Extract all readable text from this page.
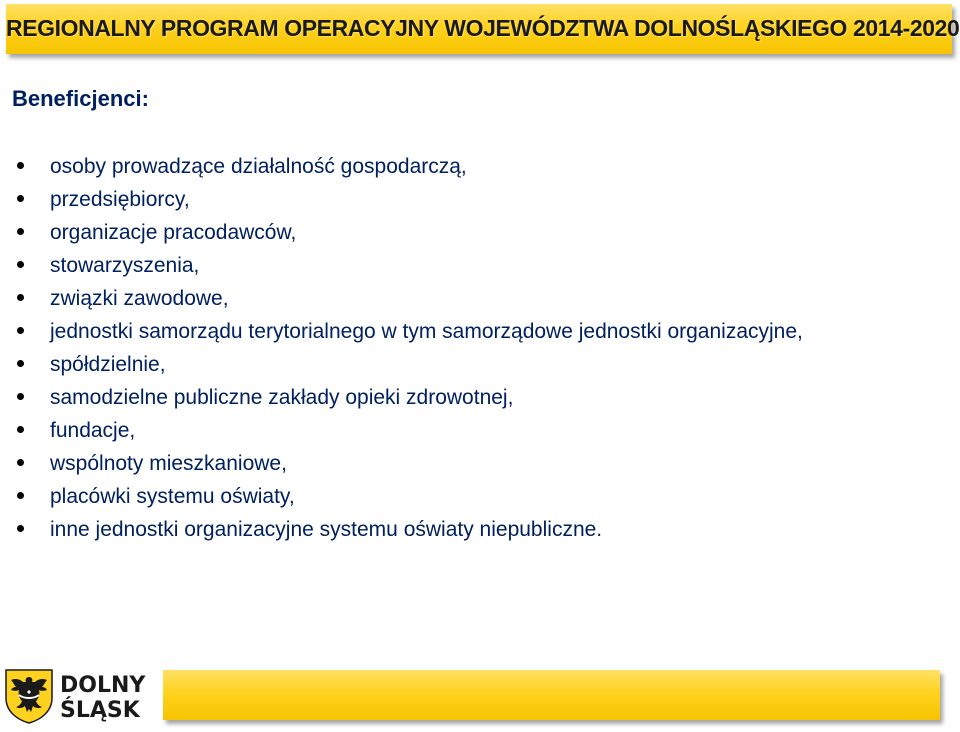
REGIONALNY PROGRAM OPERACYJNY WOJEWÓDZTWA DOLNOŚLĄSKIEGO 2014-2020
Beneficjenci:
osoby prowadzące działalność gospodarczą,
przedsiębiorcy,
organizacje pracodawców,
stowarzyszenia,
związki zawodowe,
jednostki samorządu terytorialnego w tym samorządowe jednostki organizacyjne,
spółdzielnie,
samodzielne publiczne zakłady opieki zdrowotnej,
fundacje,
wspólnoty mieszkaniowe,
placówki systemu oświaty,
inne jednostki organizacyjne systemu oświaty niepubliczne.
DOLNY
ŚLĄSK
